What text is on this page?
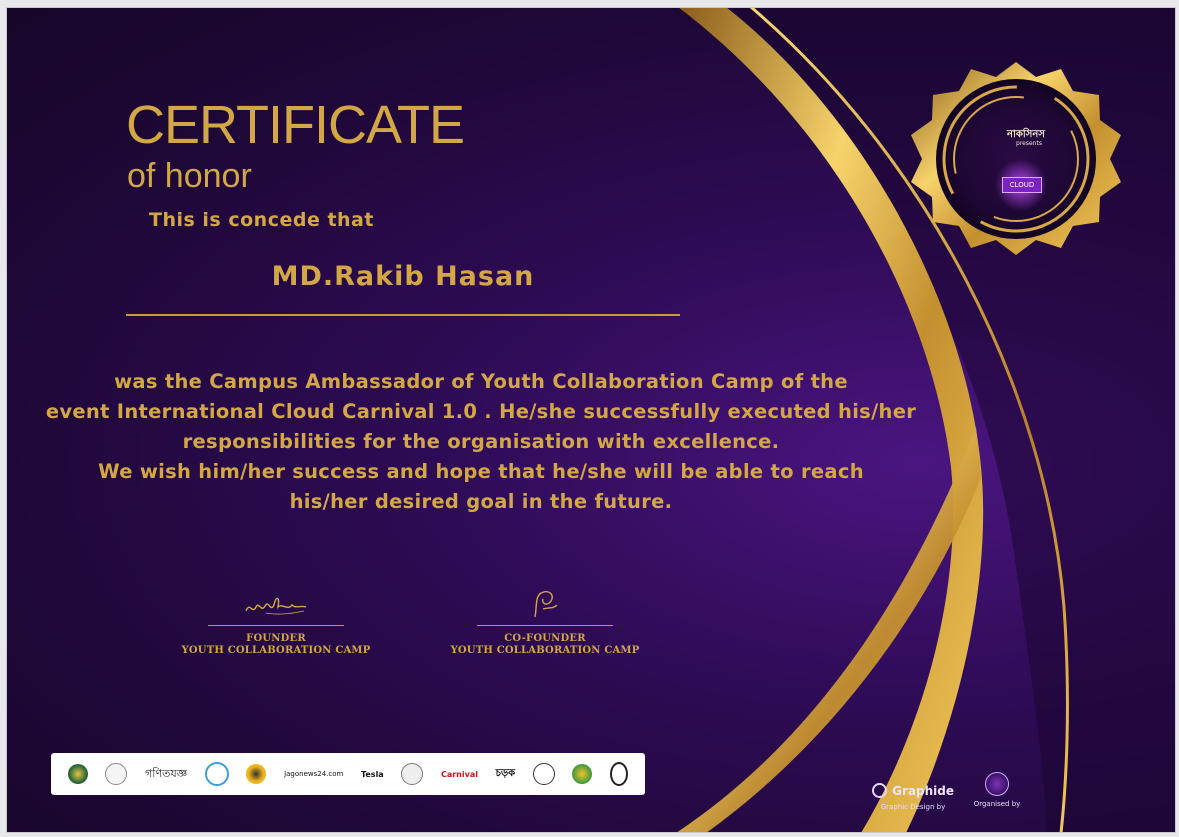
CERTIFICATE
of honor
This is concede that
MD.Rakib Hasan
was the Campus Ambassador of Youth Collaboration Camp of the
event International Cloud Carnival 1.0 . He/she successfully executed his/her
responsibilities for the organisation with excellence.
We wish him/her success and hope that he/she will be able to reach
his/her desired goal in the future.
FOUNDER
YOUTH COLLABORATION CAMP
CO-FOUNDER
YOUTH COLLABORATION CAMP
নাকসিনস
presents
CLOUD
গণিতযজ্ঞ	Jagonews24.com Tesla	Carnival চড়ক
Graphide
Graphic Design by	Organised by
